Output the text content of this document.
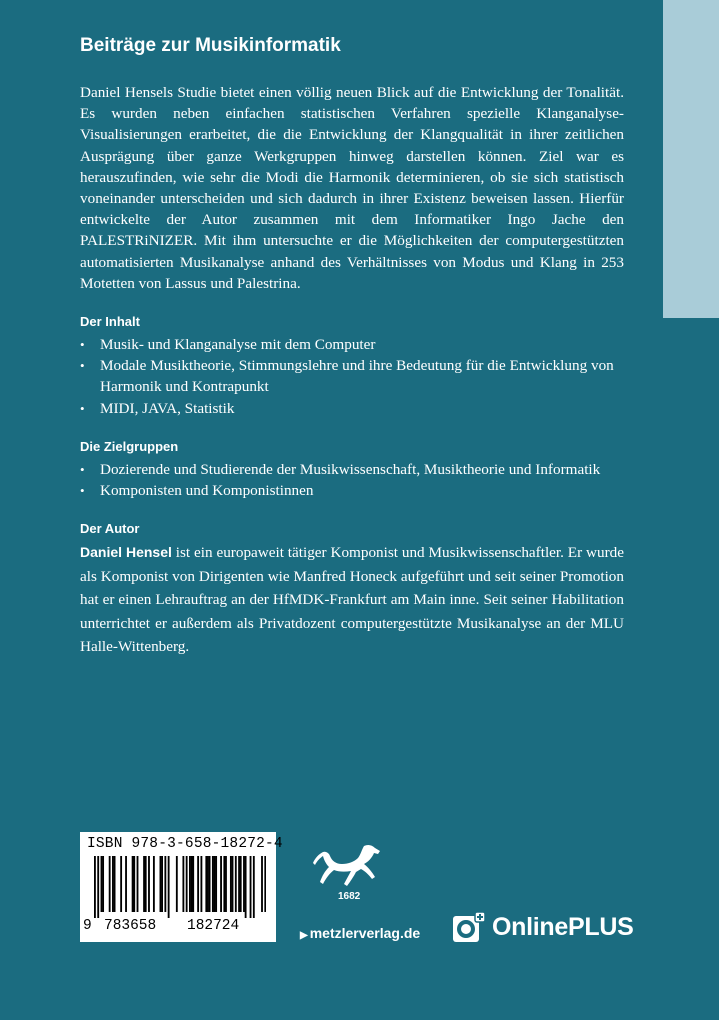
Beiträge zur Musikinformatik

Daniel Hensels Studie bietet einen völlig neuen Blick auf die Entwicklung der Tonalität. Es wurden neben einfachen statistischen Verfahren spezielle Klanganalyse-Visualisierungen erarbeitet, die die Entwicklung der Klangqualität in ihrer zeitlichen Ausprägung über ganze Werkgruppen hinweg darstellen können. Ziel war es herauszufinden, wie sehr die Modi die Harmonik determinieren, ob sie sich statistisch voneinander unterscheiden und sich dadurch in ihrer Existenz beweisen lassen. Hierfür entwickelte der Autor zusammen mit dem Informatiker Ingo Jache den PALESTRiNIZER. Mit ihm untersuchte er die Möglichkeiten der computergestützten automatisierten Musikanalyse anhand des Verhältnisses von Modus und Klang in 253 Motetten von Lassus und Palestrina.

Der Inhalt
• Musik- und Klanganalyse mit dem Computer
• Modale Musiktheorie, Stimmungslehre und ihre Bedeutung für die Entwicklung von Harmonik und Kontrapunkt
• MIDI, JAVA, Statistik
Die Zielgruppen
• Dozierende und Studierende der Musikwissenschaft, Musiktheorie und Informatik
• Komponisten und Komponistinnen
Der Autor

Daniel Hensel ist ein europaweit tätiger Komponist und Musikwissenschaftler. Er wurde als Komponist von Dirigenten wie Manfred Honeck aufgeführt und seit seiner Promotion hat er einen Lehrauftrag an der HfMDK-Frankfurt am Main inne. Seit seiner Habilitation unterrichtet er außerdem als Privatdozent computergestützte Musikanalyse an der MLU Halle-Wittenberg.

ISBN 978-3-658-18272-4
9 783658 182724
1682
▶ metzlerverlag.de	OnlinePLUS
